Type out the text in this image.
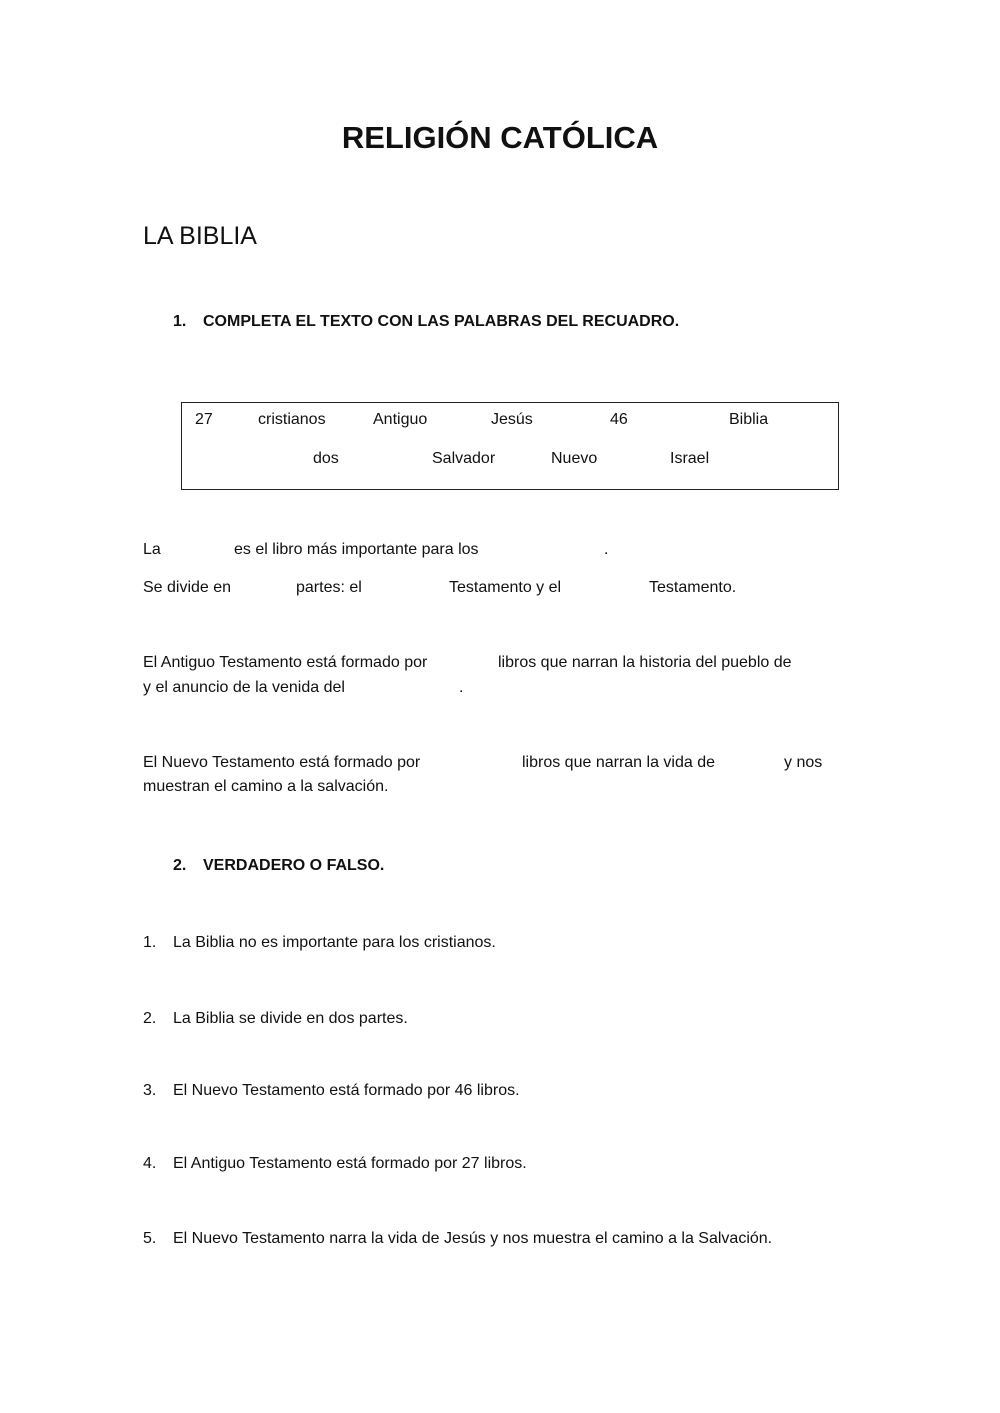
RELIGIÓN CATÓLICA
LA BIBLIA
1. COMPLETA EL TEXTO CON LAS PALABRAS DEL RECUADRO.
27	cristianos	Antiguo	Jesús	46	Biblia
dos	Salvador	Nuevo	Israel
La	es el libro más importante para los	.
Se divide en	partes: el	Testamento y el	Testamento.
El Antiguo Testamento está formado por	libros que narran la historia del pueblo de
y el anuncio de la venida del	.
El Nuevo Testamento está formado por	libros que narran la vida de	y nos
muestran el camino a la salvación.
2. VERDADERO O FALSO.
1. La Biblia no es importante para los cristianos.
2. La Biblia se divide en dos partes.
3. El Nuevo Testamento está formado por 46 libros.
4. El Antiguo Testamento está formado por 27 libros.
5. El Nuevo Testamento narra la vida de Jesús y nos muestra el camino a la Salvación.
